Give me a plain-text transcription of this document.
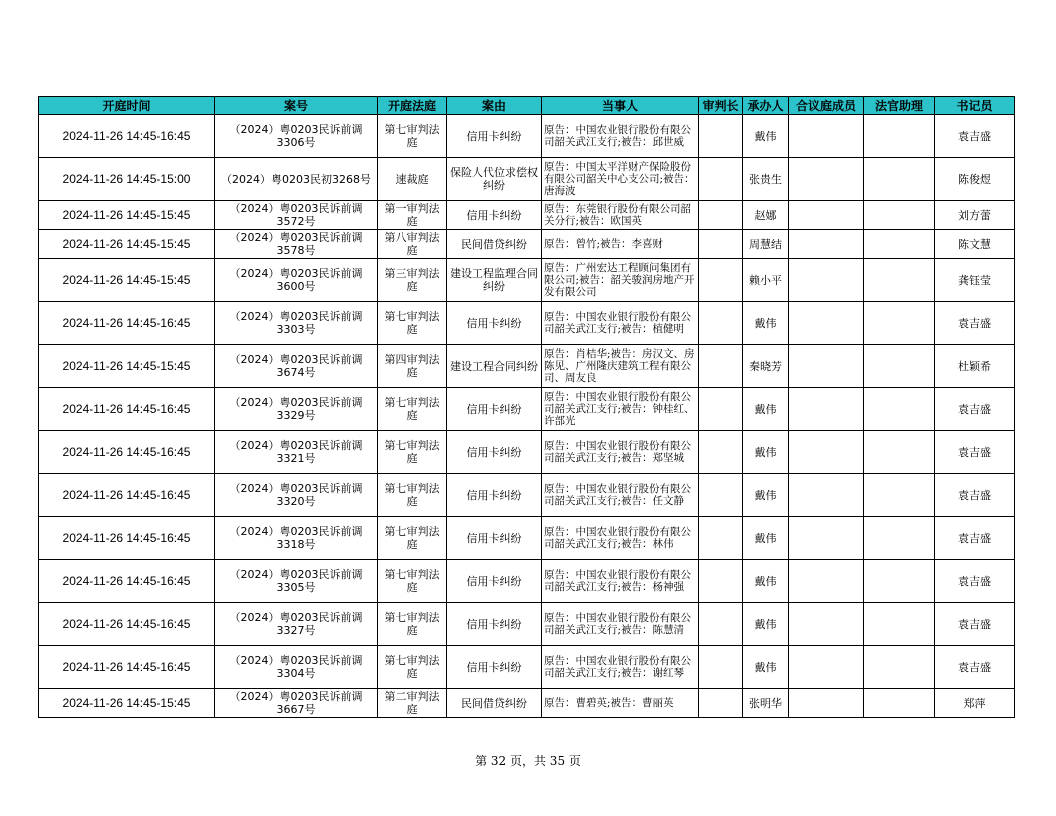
开庭时间	案号	开庭法庭	案由	当事人	审判长	承办人	合议庭成员	法官助理	书记员
2024-11-26 14:45-16:45	（2024）粤0203民诉前调3306号	第七审判法庭	信用卡纠纷	原告：中国农业银行股份有限公司韶关武江支行;被告：邱世威		戴伟			袁吉盛
2024-11-26 14:45-15:00	（2024）粤0203民初3268号	速裁庭	保险人代位求偿权纠纷	原告：中国太平洋财产保险股份有限公司韶关中心支公司;被告：唐海波		张贵生			陈俊煜
2024-11-26 14:45-15:45	（2024）粤0203民诉前调3572号	第一审判法庭	信用卡纠纷	原告：东莞银行股份有限公司韶关分行;被告：欧国英		赵娜			刘方蕾
2024-11-26 14:45-15:45	（2024）粤0203民诉前调3578号	第八审判法庭	民间借贷纠纷	原告：曾竹;被告：李喜财		周慧结			陈文慧
2024-11-26 14:45-15:45	（2024）粤0203民诉前调3600号	第三审判法庭	建设工程监理合同纠纷	原告：广州宏达工程顾问集团有限公司;被告：韶关骏润房地产开发有限公司		赖小平			龚钰莹
2024-11-26 14:45-16:45	（2024）粤0203民诉前调3303号	第七审判法庭	信用卡纠纷	原告：中国农业银行股份有限公司韶关武江支行;被告：植健明		戴伟			袁吉盛
2024-11-26 14:45-15:45	（2024）粤0203民诉前调3674号	第四审判法庭	建设工程合同纠纷	原告：肖桔华;被告：房汉文、房陈见、广州隆庆建筑工程有限公司、周友良		秦晓芳			杜颖希
2024-11-26 14:45-16:45	（2024）粤0203民诉前调3329号	第七审判法庭	信用卡纠纷	原告：中国农业银行股份有限公司韶关武江支行;被告：钟桂红、许部光		戴伟			袁吉盛
2024-11-26 14:45-16:45	（2024）粤0203民诉前调3321号	第七审判法庭	信用卡纠纷	原告：中国农业银行股份有限公司韶关武江支行;被告：郑坚城		戴伟			袁吉盛
2024-11-26 14:45-16:45	（2024）粤0203民诉前调3320号	第七审判法庭	信用卡纠纷	原告：中国农业银行股份有限公司韶关武江支行;被告：任文静		戴伟			袁吉盛
2024-11-26 14:45-16:45	（2024）粤0203民诉前调3318号	第七审判法庭	信用卡纠纷	原告：中国农业银行股份有限公司韶关武江支行;被告：林伟		戴伟			袁吉盛
2024-11-26 14:45-16:45	（2024）粤0203民诉前调3305号	第七审判法庭	信用卡纠纷	原告：中国农业银行股份有限公司韶关武江支行;被告：杨神强		戴伟			袁吉盛
2024-11-26 14:45-16:45	（2024）粤0203民诉前调3327号	第七审判法庭	信用卡纠纷	原告：中国农业银行股份有限公司韶关武江支行;被告：陈慧清		戴伟			袁吉盛
2024-11-26 14:45-16:45	（2024）粤0203民诉前调3304号	第七审判法庭	信用卡纠纷	原告：中国农业银行股份有限公司韶关武江支行;被告：谢红琴		戴伟			袁吉盛
2024-11-26 14:45-15:45	（2024）粤0203民诉前调3667号	第二审判法庭	民间借贷纠纷	原告：曹碧英;被告：曹丽英		张明华			郑萍
第 32 页，共 35 页
